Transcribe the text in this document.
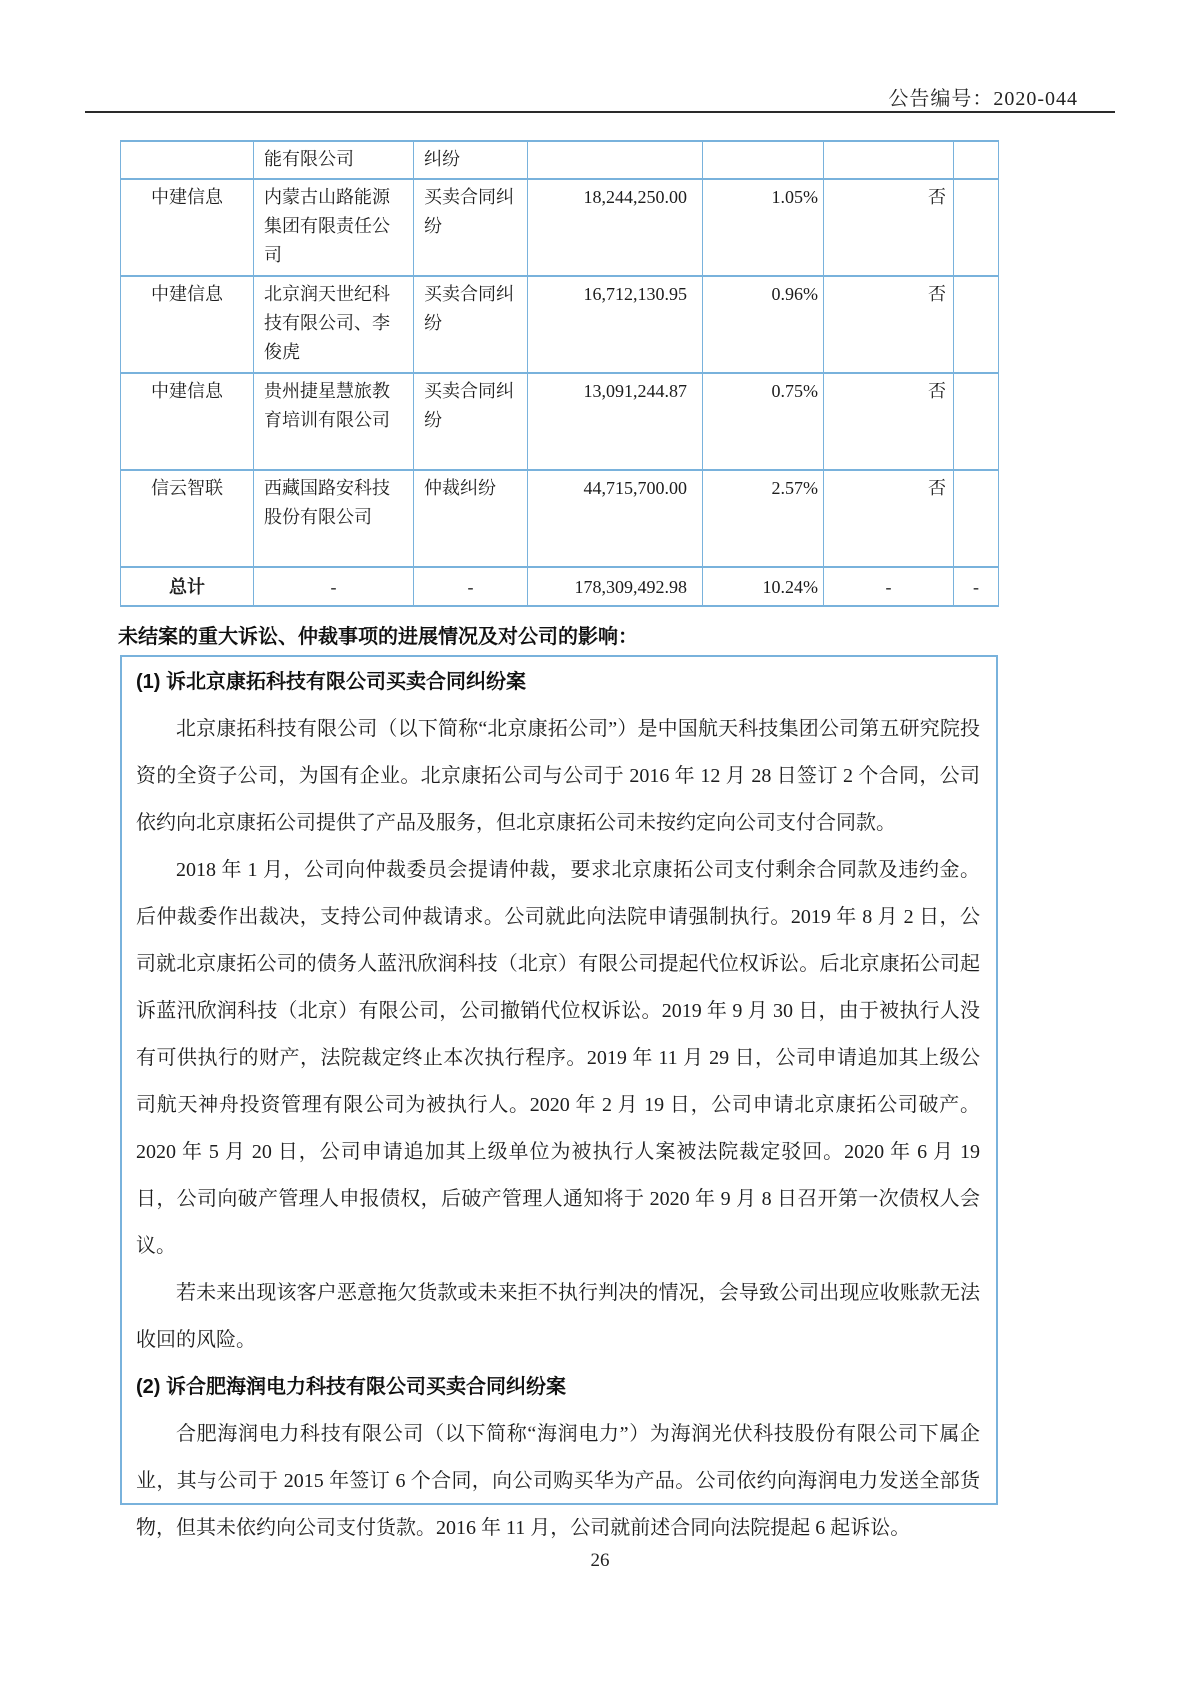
公告编号：2020-044
	能有限公司	纠纷				
中建信息	内蒙古山路能源集团有限责任公司	买卖合同纠纷	18,244,250.00	1.05%	否	
中建信息	北京润天世纪科技有限公司、李俊虎	买卖合同纠纷	16,712,130.95	0.96%	否	
中建信息	贵州捷星慧旅教育培训有限公司	买卖合同纠纷	13,091,244.87	0.75%	否	
信云智联	西藏国路安科技股份有限公司	仲裁纠纷	44,715,700.00	2.57%	否	
总计	-	-	178,309,492.98	10.24%	-	-
未结案的重大诉讼、仲裁事项的进展情况及对公司的影响：

(1) 诉北京康拓科技有限公司买卖合同纠纷案

北京康拓科技有限公司（以下简称“北京康拓公司”）是中国航天科技集团公司第五研究院投资的全资子公司，为国有企业。北京康拓公司与公司于 2016 年 12 月 28 日签订 2 个合同，公司依约向北京康拓公司提供了产品及服务，但北京康拓公司未按约定向公司支付合同款。

2018 年 1 月，公司向仲裁委员会提请仲裁，要求北京康拓公司支付剩余合同款及违约金。后仲裁委作出裁决，支持公司仲裁请求。公司就此向法院申请强制执行。2019 年 8 月 2 日，公司就北京康拓公司的债务人蓝汛欣润科技（北京）有限公司提起代位权诉讼。后北京康拓公司起诉蓝汛欣润科技（北京）有限公司，公司撤销代位权诉讼。2019 年 9 月 30 日，由于被执行人没有可供执行的财产，法院裁定终止本次执行程序。2019 年 11 月 29 日，公司申请追加其上级公司航天神舟投资管理有限公司为被执行人。2020 年 2 月 19 日，公司申请北京康拓公司破产。2020 年 5 月 20 日，公司申请追加其上级单位为被执行人案被法院裁定驳回。2020 年 6 月 19 日，公司向破产管理人申报债权，后破产管理人通知将于 2020 年 9 月 8 日召开第一次债权人会议。

若未来出现该客户恶意拖欠货款或未来拒不执行判决的情况，会导致公司出现应收账款无法收回的风险。

(2) 诉合肥海润电力科技有限公司买卖合同纠纷案

合肥海润电力科技有限公司（以下简称“海润电力”）为海润光伏科技股份有限公司下属企业，其与公司于 2015 年签订 6 个合同，向公司购买华为产品。公司依约向海润电力发送全部货物，但其未依约向公司支付货款。2016 年 11 月，公司就前述合同向法院提起 6 起诉讼。

26
